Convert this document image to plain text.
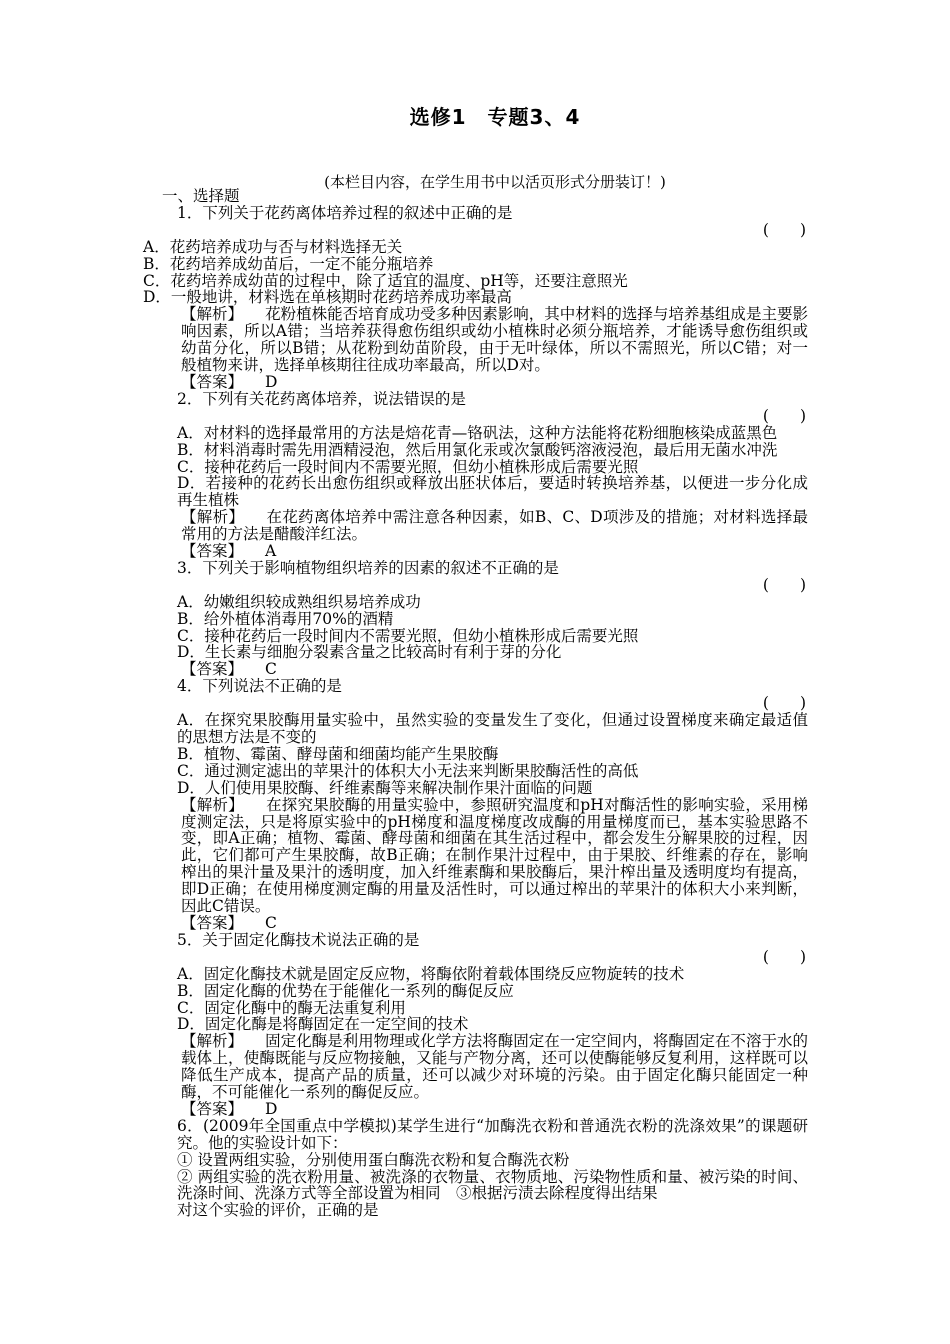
选修1　专题3、4
(本栏目内容，在学生用书中以活页形式分册装订！)

一、选择题

1．下列关于花药离体培养过程的叙述中正确的是

(　　)

A．花药培养成功与否与材料选择无关

B．花药培养成幼苗后，一定不能分瓶培养

C．花药培养成幼苗的过程中，除了适宜的温度、pH等，还要注意照光

D．一般地讲，材料选在单核期时花药培养成功率最高

【解析】 花粉植株能否培育成功受多种因素影响，其中材料的选择与培养基组成是主要影响因素，所以A错；当培养获得愈伤组织或幼小植株时必须分瓶培养，才能诱导愈伤组织或幼苗分化，所以B错；从花粉到幼苗阶段，由于无叶绿体，所以不需照光，所以C错；对一般植物来讲，选择单核期往往成功率最高，所以D对。

【答案】 D

2．下列有关花药离体培养，说法错误的是

(　　)

A．对材料的选择最常用的方法是焙花青—铬矾法，这种方法能将花粉细胞核染成蓝黑色

B．材料消毒时需先用酒精浸泡，然后用氯化汞或次氯酸钙溶液浸泡，最后用无菌水冲洗

C．接种花药后一段时间内不需要光照，但幼小植株形成后需要光照

D．若接种的花药长出愈伤组织或释放出胚状体后，要适时转换培养基，以便进一步分化成再生植株

【解析】 在花药离体培养中需注意各种因素，如B、C、D项涉及的措施；对材料选择最常用的方法是醋酸洋红法。

【答案】 A

3．下列关于影响植物组织培养的因素的叙述不正确的是

(　　)

A．幼嫩组织较成熟组织易培养成功

B．给外植体消毒用70%的酒精

C．接种花药后一段时间内不需要光照，但幼小植株形成后需要光照

D．生长素与细胞分裂素含量之比较高时有利于芽的分化

【答案】 C

4．下列说法不正确的是

(　　)

A．在探究果胶酶用量实验中，虽然实验的变量发生了变化，但通过设置梯度来确定最适值的思想方法是不变的

B．植物、霉菌、酵母菌和细菌均能产生果胶酶

C．通过测定滤出的苹果汁的体积大小无法来判断果胶酶活性的高低

D．人们使用果胶酶、纤维素酶等来解决制作果汁面临的问题

【解析】 在探究果胶酶的用量实验中，参照研究温度和pH对酶活性的影响实验，采用梯度测定法，只是将原实验中的pH梯度和温度梯度改成酶的用量梯度而已，基本实验思路不变，即A正确；植物、霉菌、酵母菌和细菌在其生活过程中，都会发生分解果胶的过程，因此，它们都可产生果胶酶，故B正确；在制作果汁过程中，由于果胶、纤维素的存在，影响榨出的果汁量及果汁的透明度，加入纤维素酶和果胶酶后，果汁榨出量及透明度均有提高，即D正确；在使用梯度测定酶的用量及活性时，可以通过榨出的苹果汁的体积大小来判断，因此C错误。

【答案】 C

5．关于固定化酶技术说法正确的是

(　　)

A．固定化酶技术就是固定反应物，将酶依附着载体围绕反应物旋转的技术

B．固定化酶的优势在于能催化一系列的酶促反应

C．固定化酶中的酶无法重复利用

D．固定化酶是将酶固定在一定空间的技术

【解析】 固定化酶是利用物理或化学方法将酶固定在一定空间内，将酶固定在不溶于水的载体上，使酶既能与反应物接触，又能与产物分离，还可以使酶能够反复利用，这样既可以降低生产成本，提高产品的质量，还可以减少对环境的污染。由于固定化酶只能固定一种酶，不可能催化一系列的酶促反应。

【答案】 D

6．(2009年全国重点中学模拟)某学生进行“加酶洗衣粉和普通洗衣粉的洗涤效果”的课题研究。他的实验设计如下：

① 设置两组实验，分别使用蛋白酶洗衣粉和复合酶洗衣粉

② 两组实验的洗衣粉用量、被洗涤的衣物量、衣物质地、污染物性质和量、被污染的时间、洗涤时间、洗涤方式等全部设置为相同　③根据污渍去除程度得出结果

对这个实验的评价，正确的是
